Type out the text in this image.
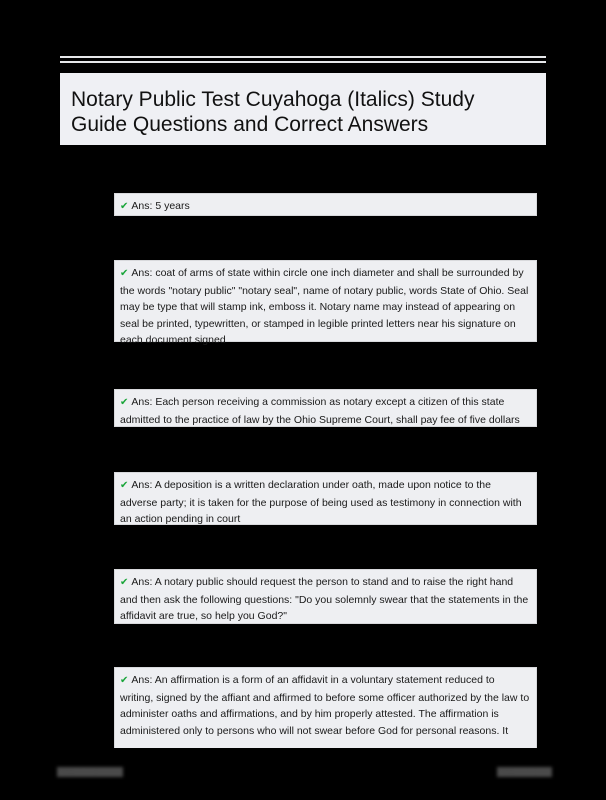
Notary Public Test Cuyahoga (Italics) Study Guide Questions and Correct Answers
✔ Ans: 5 years
✔ Ans: coat of arms of state within circle one inch diameter and shall be surrounded by the words "notary public" "notary seal", name of notary public, words State of Ohio. Seal may be type that will stamp ink, emboss it. Notary name may instead of appearing on seal be printed, typewritten, or stamped in legible printed letters near his signature on each document signed
✔ Ans: Each person receiving a commission as notary except a citizen of this state admitted to the practice of law by the Ohio Supreme Court, shall pay fee of five dollars
✔ Ans: A deposition is a written declaration under oath, made upon notice to the adverse party; it is taken for the purpose of being used as testimony in connection with an action pending in court
✔ Ans: A notary public should request the person to stand and to raise the right hand and then ask the following questions: "Do you solemnly swear that the statements in the affidavit are true, so help you God?"
✔ Ans: An affirmation is a form of an affidavit in a voluntary statement reduced to writing, signed by the affiant and affirmed to before some officer authorized by the law to administer oaths and affirmations, and by him properly attested. The affirmation is administered only to persons who will not swear before God for personal reasons. It
Page Footer	Page 1 of 5
